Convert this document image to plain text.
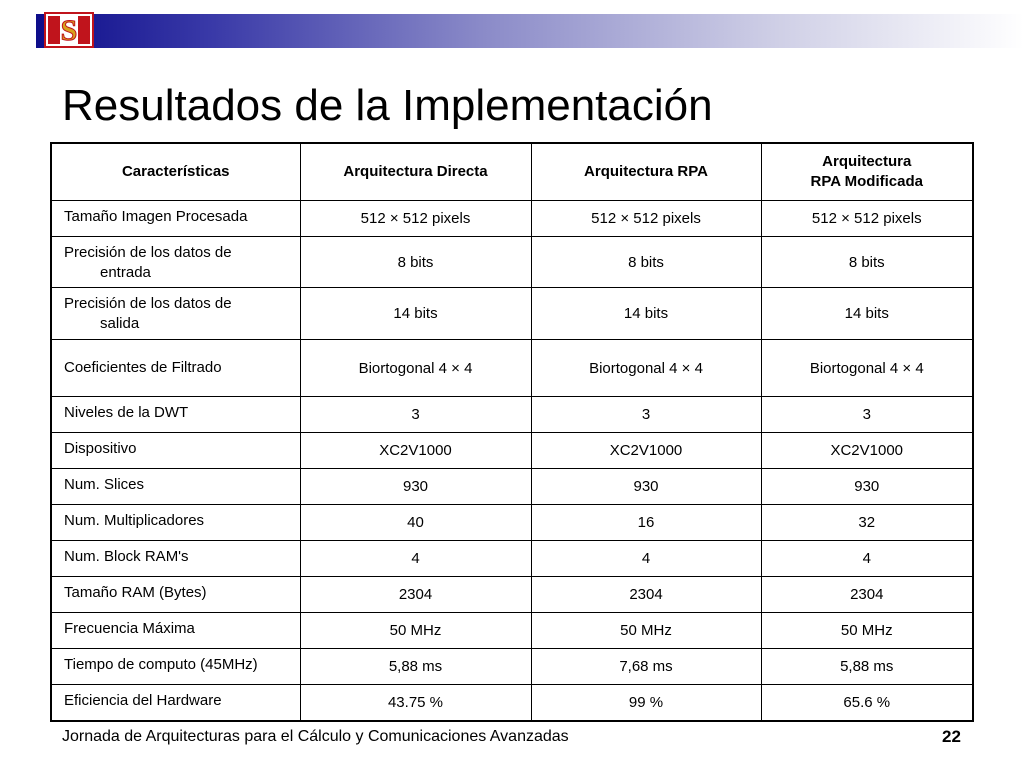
S
Resultados de la Implementación
Características	Arquitectura Directa	Arquitectura RPA	Arquitectura
RPA Modificada
Tamaño Imagen Procesada	512 × 512 pixels	512 × 512 pixels	512 × 512 pixels
Precisión de los datos de
entrada	8 bits	8 bits	8 bits
Precisión de los datos de
salida	14 bits	14 bits	14 bits
Coeficientes de Filtrado	Biortogonal 4 × 4	Biortogonal 4 × 4	Biortogonal 4 × 4
Niveles de la DWT	3	3	3
Dispositivo	XC2V1000	XC2V1000	XC2V1000
Num. Slices	930	930	930
Num. Multiplicadores	40	16	32
Num. Block RAM's	4	4	4
Tamaño RAM (Bytes)	2304	2304	2304
Frecuencia Máxima	50 MHz	50 MHz	50 MHz
Tiempo de computo (45MHz)	5,88 ms	7,68 ms	5,88 ms
Eficiencia del Hardware	43.75 %	99 %	65.6 %
Jornada de Arquitecturas para el Cálculo y Comunicaciones Avanzadas	22
